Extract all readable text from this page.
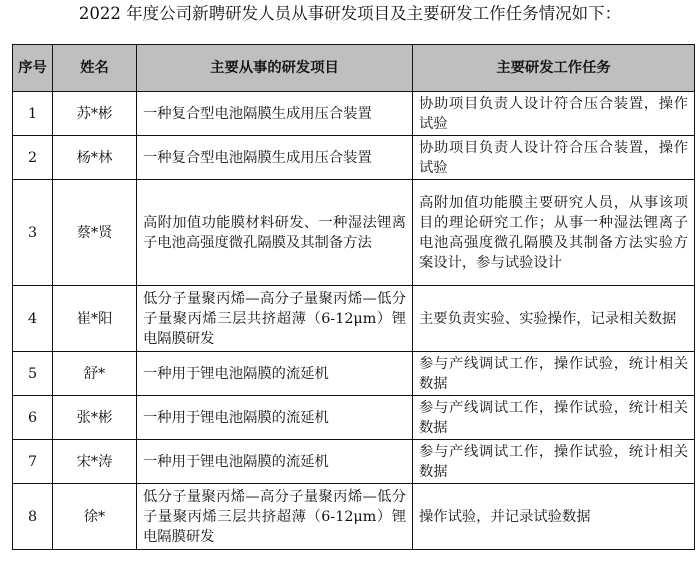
2022 年度公司新聘研发人员从事研发项目及主要研发工作任务情况如下：
序号	姓名	主要从事的研发项目	主要研发工作任务
1	苏*彬	一种复合型电池隔膜生成用压合装置	协助项目负责人设计符合压合装置，操作试验
2	杨*林	一种复合型电池隔膜生成用压合装置	协助项目负责人设计符合压合装置，操作试验
3	蔡*贤	高附加值功能膜材料研发、一种湿法锂离子电池高强度微孔隔膜及其制备方法	高附加值功能膜主要研究人员，从事该项目的理论研究工作；从事一种湿法锂离子电池高强度微孔隔膜及其制备方法实验方案设计，参与试验设计
4	崔*阳	低分子量聚丙烯—高分子量聚丙烯—低分子量聚丙烯三层共挤超薄（6-12μm）锂电隔膜研发	主要负责实验、实验操作，记录相关数据
5	舒*	一种用于锂电池隔膜的流延机	参与产线调试工作，操作试验，统计相关数据
6	张*彬	一种用于锂电池隔膜的流延机	参与产线调试工作，操作试验，统计相关数据
7	宋*涛	一种用于锂电池隔膜的流延机	参与产线调试工作，操作试验，统计相关数据
8	徐*	低分子量聚丙烯—高分子量聚丙烯—低分子量聚丙烯三层共挤超薄（6-12μm）锂电隔膜研发	操作试验，并记录试验数据
